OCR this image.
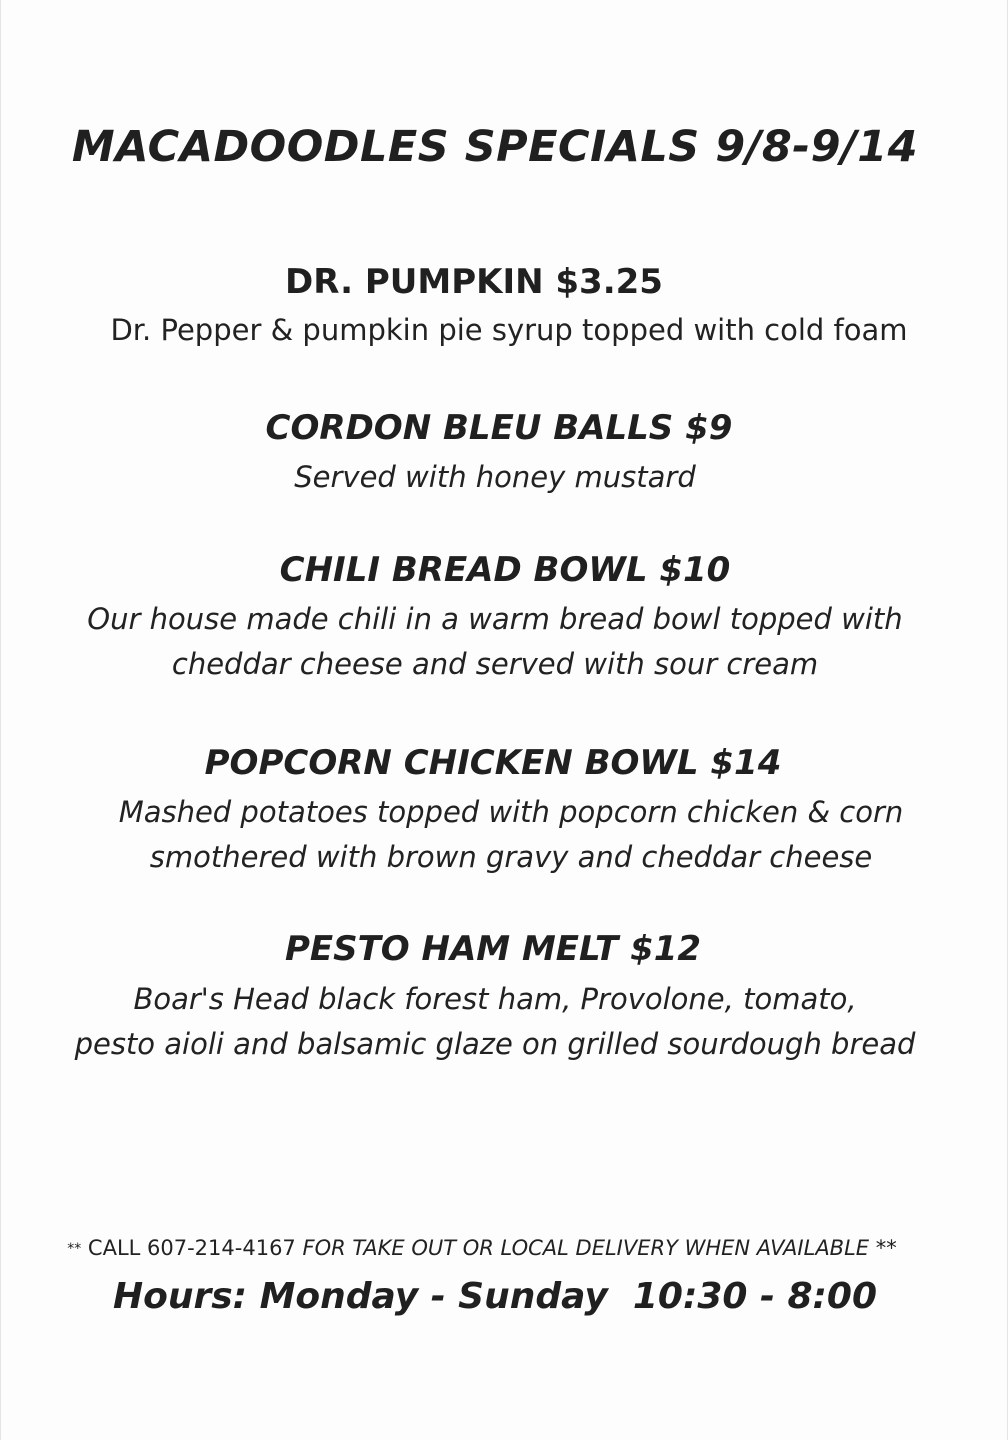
MACADOODLES SPECIALS 9/8-9/14
DR. PUMPKIN $3.25
Dr. Pepper & pumpkin pie syrup topped with cold foam
CORDON BLEU BALLS $9
Served with honey mustard
CHILI BREAD BOWL $10
Our house made chili in a warm bread bowl topped with
cheddar cheese and served with sour cream
POPCORN CHICKEN BOWL $14
Mashed potatoes topped with popcorn chicken & corn
smothered with brown gravy and cheddar cheese
PESTO HAM MELT $12
Boar's Head black forest ham, Provolone, tomato,
pesto aioli and balsamic glaze on grilled sourdough bread
** CALL 607-214-4167 FOR TAKE OUT OR LOCAL DELIVERY WHEN AVAILABLE **
Hours: Monday - Sunday  10:30 - 8:00
